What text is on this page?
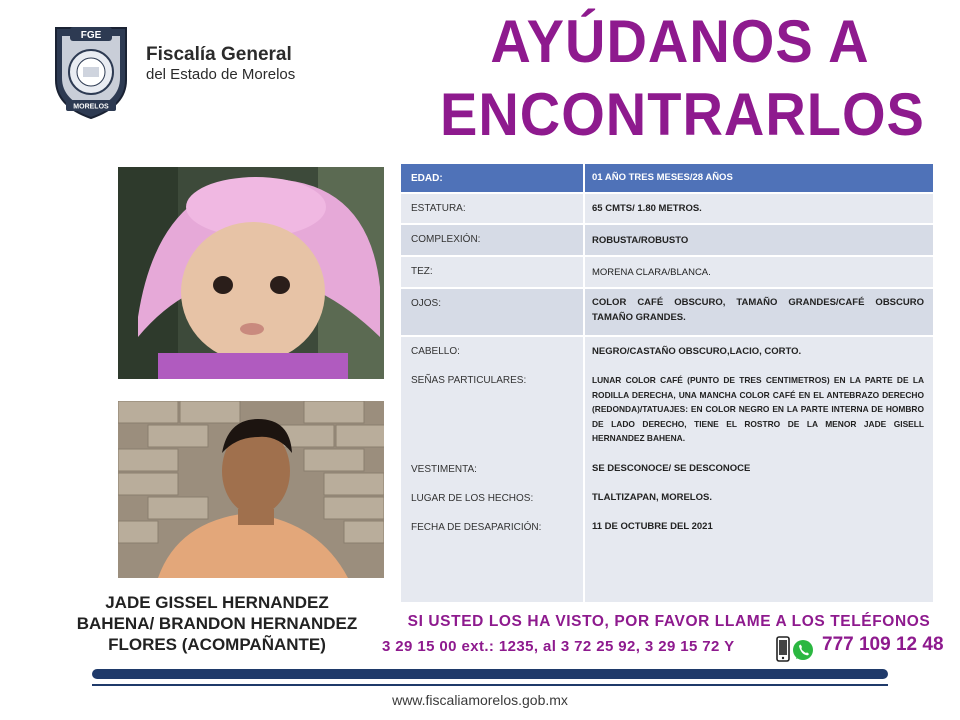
FGE
MORELOS
Fiscalía General
del Estado de Morelos	AYÚDANOS A
ENCONTRARLOS
EDAD:	01 AÑO TRES MESES/28 AÑOS
ESTATURA:	65 CMTS/ 1.80 METROS.
COMPLEXIÓN:	ROBUSTA/ROBUSTO
TEZ:	MORENA CLARA/BLANCA.
OJOS:	COLOR CAFÉ OBSCURO, TAMAÑO GRANDES/CAFÉ OBSCURO TAMAÑO GRANDES.
CABELLO:	NEGRO/CASTAÑO OBSCURO,LACIO, CORTO.
SEÑAS PARTICULARES:	LUNAR COLOR CAFÉ (PUNTO DE TRES CENTIMETROS) EN LA PARTE DE LA RODILLA DERECHA, UNA MANCHA COLOR CAFÉ EN EL ANTEBRAZO DERECHO (REDONDA)/TATUAJES: EN COLOR NEGRO EN LA PARTE INTERNA DE HOMBRO DE LADO DERECHO, TIENE EL ROSTRO DE LA MENOR JADE GISELL HERNANDEZ BAHENA.
VESTIMENTA:	SE DESCONOCE/ SE DESCONOCE
LUGAR DE LOS HECHOS:	TLALTIZAPAN, MORELOS.
FECHA DE DESAPARICIÓN:	11 DE OCTUBRE DEL 2021
JADE GISSEL HERNANDEZ
BAHENA/ BRANDON HERNANDEZ
FLORES (ACOMPAÑANTE)
SI USTED LOS HA VISTO, POR FAVOR LLAME A LOS TELÉFONOS
3 29 15 00 ext.: 1235, al 3 72 25 92, 3 29 15 72 Y	777 109 12 48
www.fiscaliamorelos.gob.mx
